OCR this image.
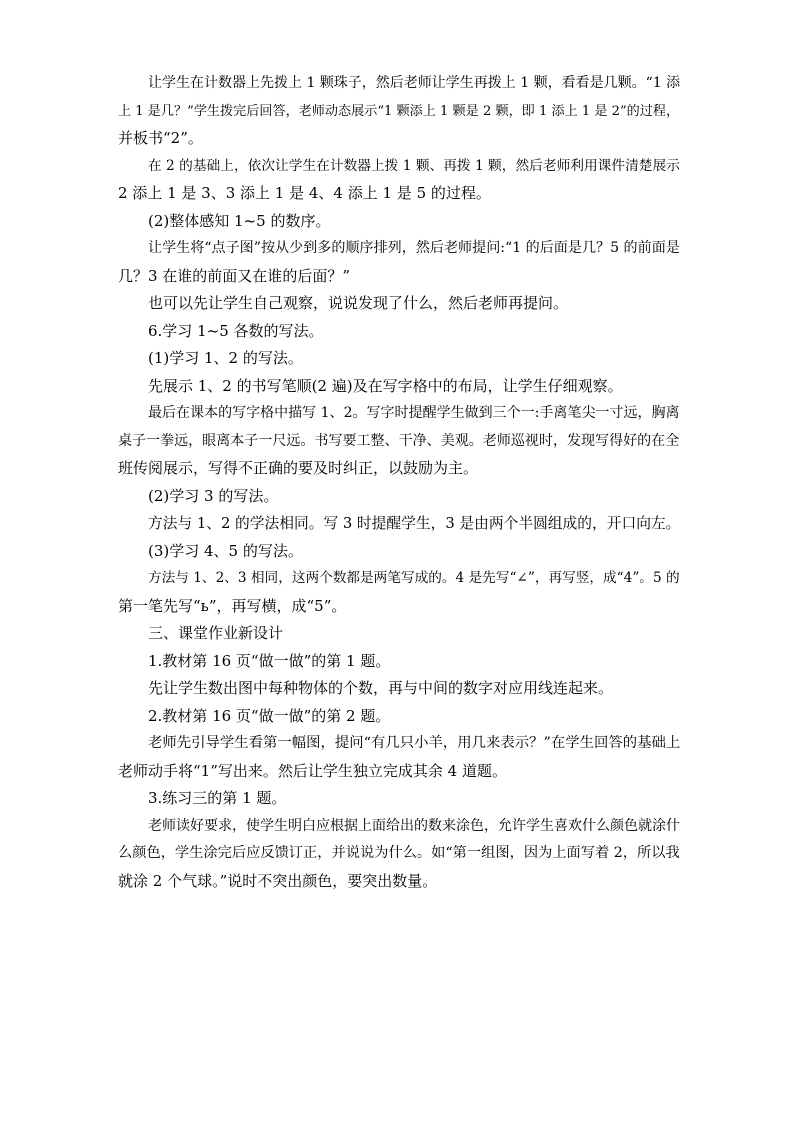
让学生在计数器上先拨上 1 颗珠子，然后老师让学生再拨上 1 颗，看看是几颗。“1 添
上 1 是几？”学生拨完后回答，老师动态展示“1 颗添上 1 颗是 2 颗，即 1 添上 1 是 2”的过程，
并板书“2”。
在 2 的基础上，依次让学生在计数器上拨 1 颗、再拨 1 颗，然后老师利用课件清楚展示
2 添上 1 是 3、3 添上 1 是 4、4 添上 1 是 5 的过程。
(2)整体感知 1~5 的数序。
让学生将“点子图”按从少到多的顺序排列，然后老师提问:“1 的后面是几？5 的前面是
几？3 在谁的前面又在谁的后面？”
也可以先让学生自己观察，说说发现了什么，然后老师再提问。
6.学习 1~5 各数的写法。
(1)学习 1、2 的写法。
先展示 1、2 的书写笔顺(2 遍)及在写字格中的布局，让学生仔细观察。
最后在课本的写字格中描写 1、2。写字时提醒学生做到三个一:手离笔尖一寸远，胸离
桌子一拳远，眼离本子一尺远。书写要工整、干净、美观。老师巡视时，发现写得好的在全
班传阅展示，写得不正确的要及时纠正，以鼓励为主。
(2)学习 3 的写法。
方法与 1、2 的学法相同。写 3 时提醒学生，3 是由两个半圆组成的，开口向左。
(3)学习 4、5 的写法。
方法与 1、2、3 相同，这两个数都是两笔写成的。4 是先写“∠”，再写竖，成“4”。5 的
第一笔先写“ь”，再写横，成“5”。
三、课堂作业新设计
1.教材第 16 页“做一做”的第 1 题。
先让学生数出图中每种物体的个数，再与中间的数字对应用线连起来。
2.教材第 16 页“做一做”的第 2 题。
老师先引导学生看第一幅图，提问“有几只小羊，用几来表示？”在学生回答的基础上
老师动手将“1”写出来。然后让学生独立完成其余 4 道题。
3.练习三的第 1 题。
老师读好要求，使学生明白应根据上面给出的数来涂色，允许学生喜欢什么颜色就涂什
么颜色，学生涂完后应反馈订正，并说说为什么。如“第一组图，因为上面写着 2，所以我
就涂 2 个气球。”说时不突出颜色，要突出数量。
